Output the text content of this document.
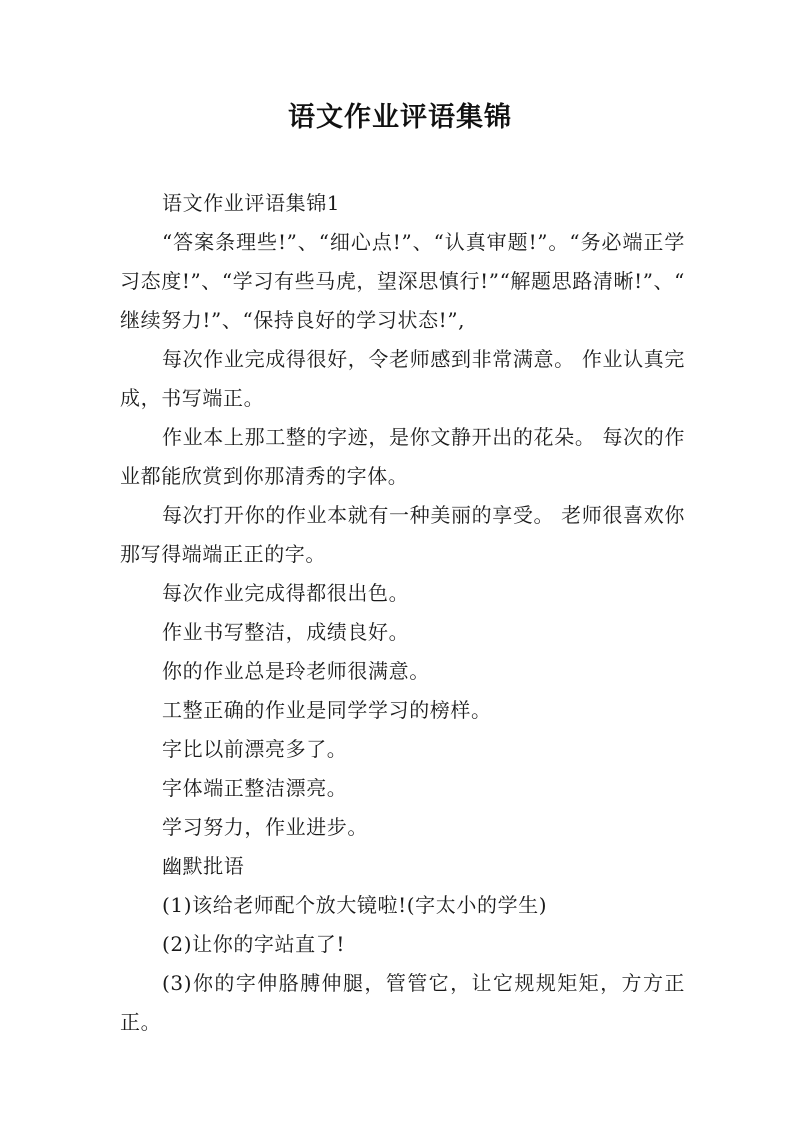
语文作业评语集锦

语文作业评语集锦1

“答案条理些!”、“细心点!”、“认真审题!”。“务必端正学习态度!”、“学习有些马虎，望深思慎行!”“解题思路清晰!”、“继续努力!”、“保持良好的学习状态!”,

每次作业完成得很好，令老师感到非常满意。 作业认真完成，书写端正。

作业本上那工整的字迹，是你文静开出的花朵。 每次的作业都能欣赏到你那清秀的字体。

每次打开你的作业本就有一种美丽的享受。 老师很喜欢你那写得端端正正的字。

每次作业完成得都很出色。

作业书写整洁，成绩良好。

你的作业总是玲老师很满意。

工整正确的作业是同学学习的榜样。

字比以前漂亮多了。

字体端正整洁漂亮。

学习努力，作业进步。

幽默批语

(1)该给老师配个放大镜啦!(字太小的学生)

(2)让你的字站直了!

(3)你的字伸胳膊伸腿，管管它，让它规规矩矩，方方正正。
